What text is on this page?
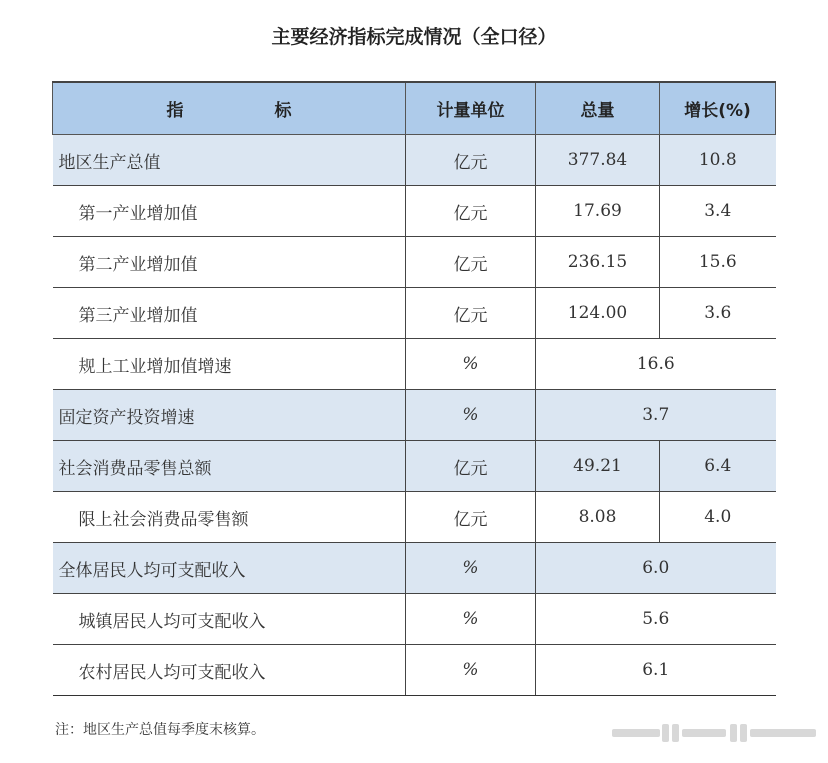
主要经济指标完成情况（全口径）
指 标	计量单位	总量	增长(%)
地区生产总值	亿元	377.84	10.8
第一产业增加值	亿元	17.69	3.4
第二产业增加值	亿元	236.15	15.6
第三产业增加值	亿元	124.00	3.6
规上工业增加值增速	%	16.6	
固定资产投资增速	%	3.7	
社会消费品零售总额	亿元	49.21	6.4
限上社会消费品零售额	亿元	8.08	4.0
全体居民人均可支配收入	%	6.0	
城镇居民人均可支配收入	%	5.6	
农村居民人均可支配收入	%	6.1	
注：地区生产总值每季度末核算。
